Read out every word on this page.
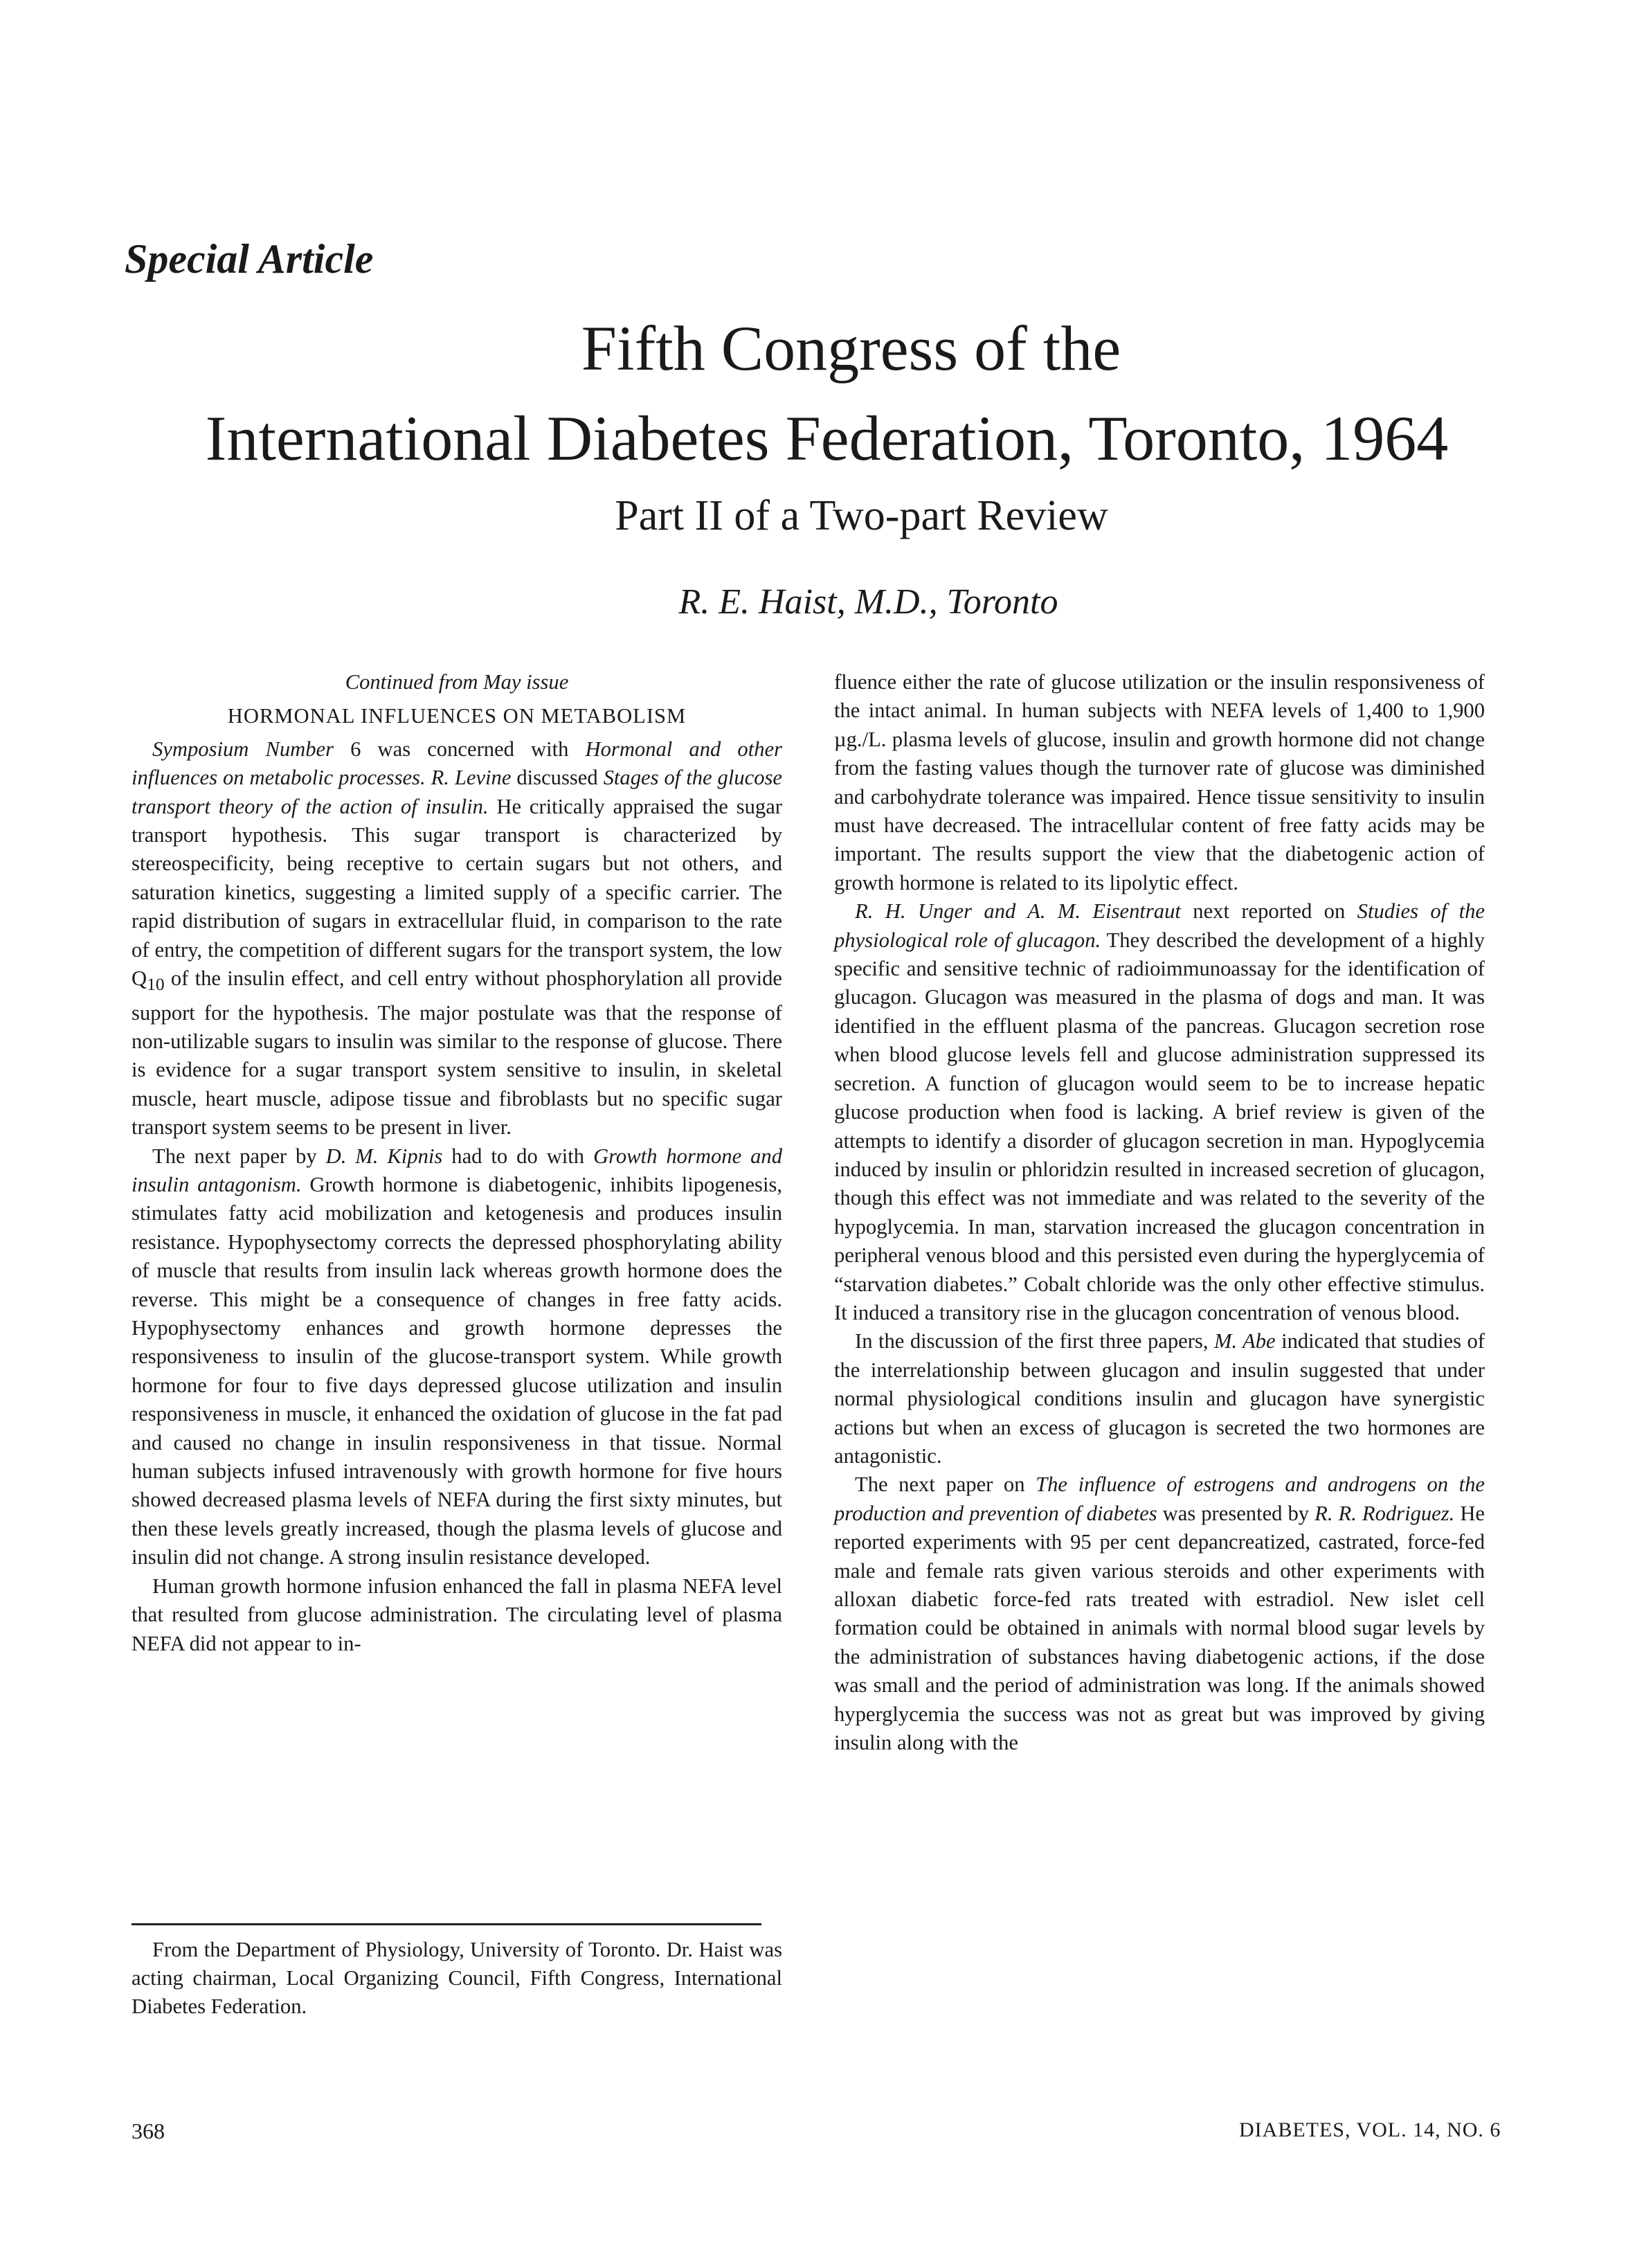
Special Article
Fifth Congress of the
International Diabetes Federation, Toronto, 1964
Part II of a Two-part Review
R. E. Haist, M.D., Toronto

Continued from May issue

HORMONAL INFLUENCES ON METABOLISM

Symposium Number 6 was concerned with Hormonal and other influences on metabolic processes. R. Levine discussed Stages of the glucose transport theory of the action of insulin. He critically appraised the sugar transport hypothesis. This sugar transport is characterized by stereospecificity, being receptive to certain sugars but not others, and saturation kinetics, suggesting a limited supply of a specific carrier. The rapid distribution of sugars in extracellular fluid, in comparison to the rate of entry, the competition of different sugars for the transport system, the low $Q_{10}$ of the insulin effect, and cell entry without phosphorylation all provide support for the hypothesis. The major postulate was that the response of non-utilizable sugars to insulin was similar to the response of glucose. There is evidence for a sugar transport system sensitive to insulin, in skeletal muscle, heart muscle, adipose tissue and fibroblasts but no specific sugar transport system seems to be present in liver.

The next paper by D. M. Kipnis had to do with Growth hormone and insulin antagonism. Growth hormone is diabetogenic, inhibits lipogenesis, stimulates fatty acid mobilization and ketogenesis and produces insulin resistance. Hypophysectomy corrects the depressed phosphorylating ability of muscle that results from insulin lack whereas growth hormone does the reverse. This might be a consequence of changes in free fatty acids. Hypophysectomy enhances and growth hormone depresses the responsiveness to insulin of the glucose-transport system. While growth hormone for four to five days depressed glucose utilization and insulin responsiveness in muscle, it enhanced the oxidation of glucose in the fat pad and caused no change in insulin responsiveness in that tissue. Normal human subjects infused intravenously with growth hormone for five hours showed decreased plasma levels of NEFA during the first sixty minutes, but then these levels greatly increased, though the plasma levels of glucose and insulin did not change. A strong insulin resistance developed.

Human growth hormone infusion enhanced the fall in plasma NEFA level that resulted from glucose administration. The circulating level of plasma NEFA did not appear to in-

fluence either the rate of glucose utilization or the insulin responsiveness of the intact animal. In human subjects with NEFA levels of 1,400 to 1,900 µg./L. plasma levels of glucose, insulin and growth hormone did not change from the fasting values though the turnover rate of glucose was diminished and carbohydrate tolerance was impaired. Hence tissue sensitivity to insulin must have decreased. The intracellular content of free fatty acids may be important. The results support the view that the diabetogenic action of growth hormone is related to its lipolytic effect.

R. H. Unger and A. M. Eisentraut next reported on Studies of the physiological role of glucagon. They described the development of a highly specific and sensitive technic of radioimmunoassay for the identification of glucagon. Glucagon was measured in the plasma of dogs and man. It was identified in the effluent plasma of the pancreas. Glucagon secretion rose when blood glucose levels fell and glucose administration suppressed its secretion. A function of glucagon would seem to be to increase hepatic glucose production when food is lacking. A brief review is given of the attempts to identify a disorder of glucagon secretion in man. Hypoglycemia induced by insulin or phloridzin resulted in increased secretion of glucagon, though this effect was not immediate and was related to the severity of the hypoglycemia. In man, starvation increased the glucagon concentration in peripheral venous blood and this persisted even during the hyperglycemia of “starvation diabetes.” Cobalt chloride was the only other effective stimulus. It induced a transitory rise in the glucagon concentration of venous blood.

In the discussion of the first three papers, M. Abe indicated that studies of the interrelationship between glucagon and insulin suggested that under normal physiological conditions insulin and glucagon have synergistic actions but when an excess of glucagon is secreted the two hormones are antagonistic.

The next paper on The influence of estrogens and androgens on the production and prevention of diabetes was presented by R. R. Rodriguez. He reported experiments with 95 per cent depancreatized, castrated, force-fed male and female rats given various steroids and other experiments with alloxan diabetic force-fed rats treated with estradiol. New islet cell formation could be obtained in animals with normal blood sugar levels by the administration of substances having diabetogenic actions, if the dose was small and the period of administration was long. If the animals showed hyperglycemia the success was not as great but was improved by giving insulin along with the

From the Department of Physiology, University of Toronto. Dr. Haist was acting chairman, Local Organizing Council, Fifth Congress, International Diabetes Federation.

368	DIABETES, VOL. 14, NO. 6
